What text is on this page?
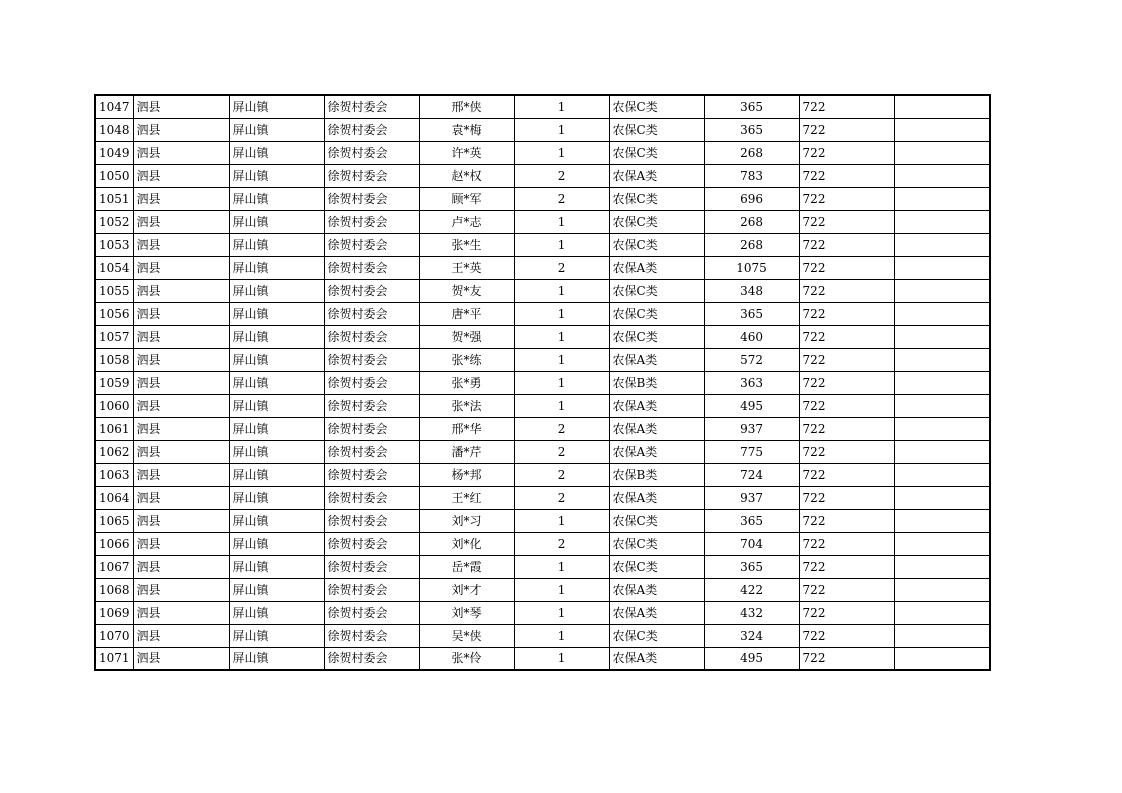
1047	泗县	屏山镇	徐贺村委会	邢*侠	1	农保C类	365	722	
1048	泗县	屏山镇	徐贺村委会	袁*梅	1	农保C类	365	722	
1049	泗县	屏山镇	徐贺村委会	许*英	1	农保C类	268	722	
1050	泗县	屏山镇	徐贺村委会	赵*权	2	农保A类	783	722	
1051	泗县	屏山镇	徐贺村委会	顾*军	2	农保C类	696	722	
1052	泗县	屏山镇	徐贺村委会	卢*志	1	农保C类	268	722	
1053	泗县	屏山镇	徐贺村委会	张*生	1	农保C类	268	722	
1054	泗县	屏山镇	徐贺村委会	王*英	2	农保A类	1075	722	
1055	泗县	屏山镇	徐贺村委会	贺*友	1	农保C类	348	722	
1056	泗县	屏山镇	徐贺村委会	唐*平	1	农保C类	365	722	
1057	泗县	屏山镇	徐贺村委会	贺*强	1	农保C类	460	722	
1058	泗县	屏山镇	徐贺村委会	张*练	1	农保A类	572	722	
1059	泗县	屏山镇	徐贺村委会	张*勇	1	农保B类	363	722	
1060	泗县	屏山镇	徐贺村委会	张*法	1	农保A类	495	722	
1061	泗县	屏山镇	徐贺村委会	邢*华	2	农保A类	937	722	
1062	泗县	屏山镇	徐贺村委会	潘*芹	2	农保A类	775	722	
1063	泗县	屏山镇	徐贺村委会	杨*邦	2	农保B类	724	722	
1064	泗县	屏山镇	徐贺村委会	王*红	2	农保A类	937	722	
1065	泗县	屏山镇	徐贺村委会	刘*习	1	农保C类	365	722	
1066	泗县	屏山镇	徐贺村委会	刘*化	2	农保C类	704	722	
1067	泗县	屏山镇	徐贺村委会	岳*霞	1	农保C类	365	722	
1068	泗县	屏山镇	徐贺村委会	刘*才	1	农保A类	422	722	
1069	泗县	屏山镇	徐贺村委会	刘*琴	1	农保A类	432	722	
1070	泗县	屏山镇	徐贺村委会	吴*侠	1	农保C类	324	722	
1071	泗县	屏山镇	徐贺村委会	张*伶	1	农保A类	495	722	
